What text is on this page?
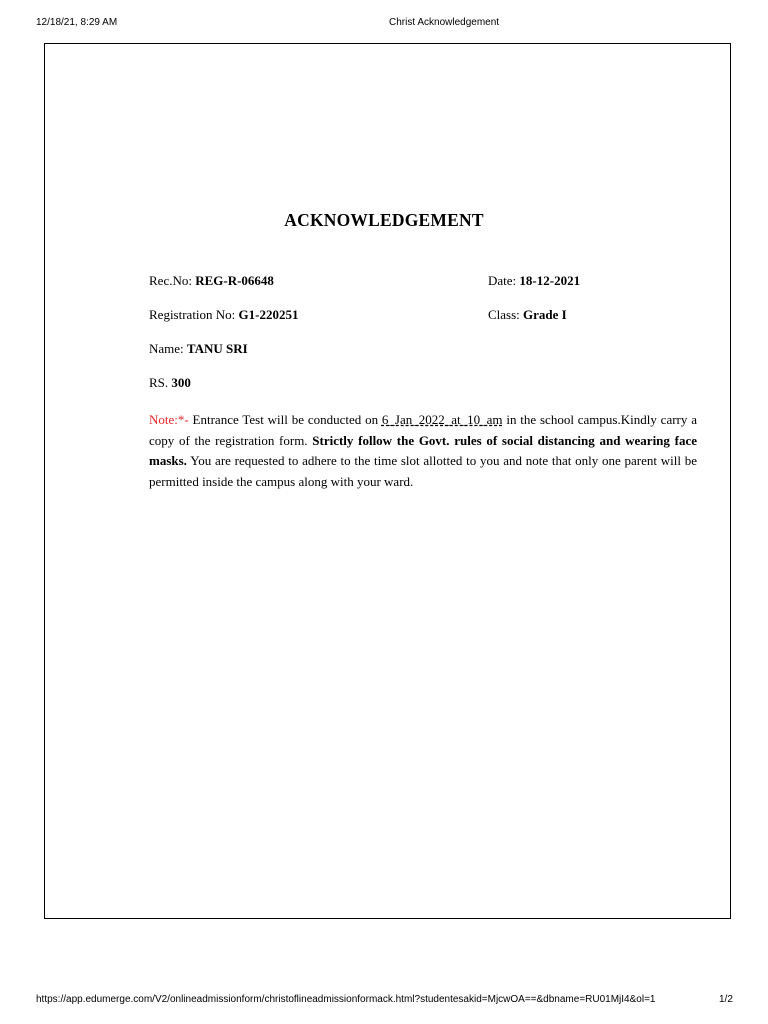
12/18/21, 8:29 AM	Christ Acknowledgement
ACKNOWLEDGEMENT
Rec.No: REG-R-06648	Date: 18-12-2021
Registration No: G1-220251	Class: Grade I
Name: TANU SRI
RS. 300
Note:*- Entrance Test will be conducted on 6_Jan_2022_at_10_am in the school campus.Kindly carry a copy of the registration form. Strictly follow the Govt. rules of social distancing and wearing face masks. You are requested to adhere to the time slot allotted to you and note that only one parent will be permitted inside the campus along with your ward.
https://app.edumerge.com/V2/onlineadmissionform/christoflineadmissionformack.html?studentesakid=MjcwOA==&dbname=RU01MjI4&ol=1	1/2
